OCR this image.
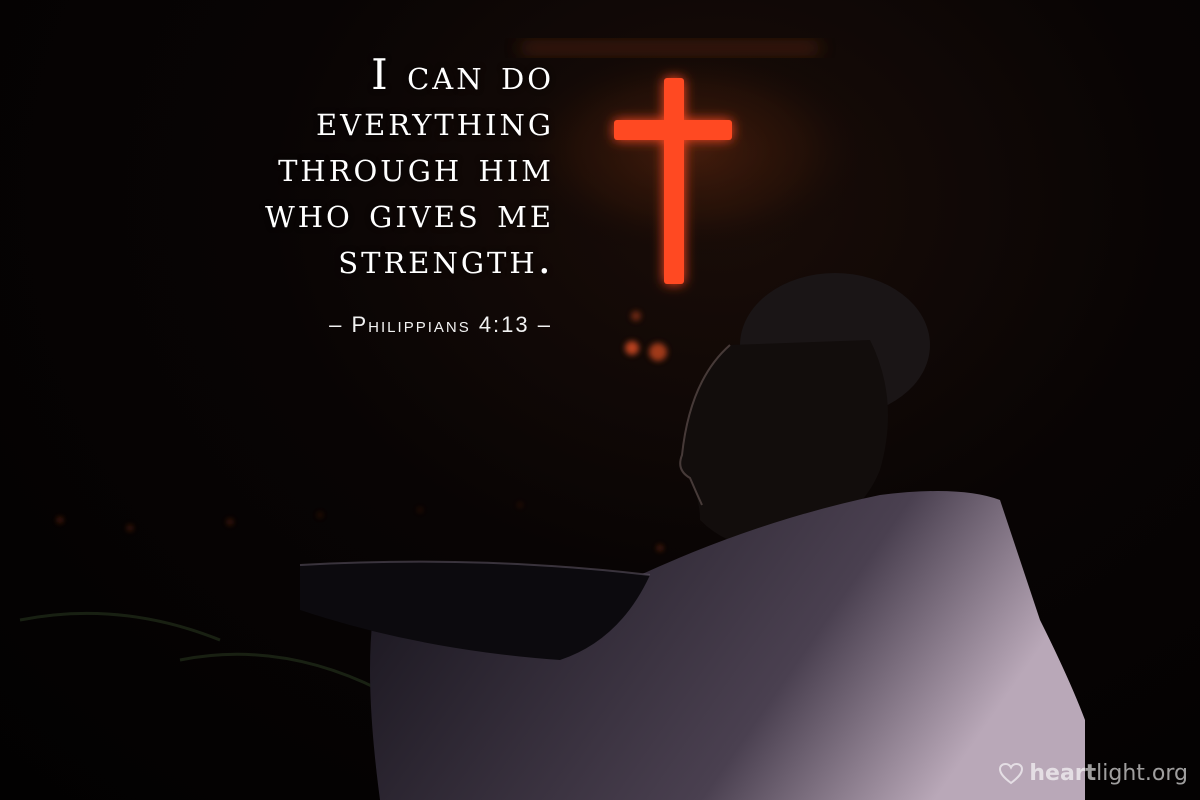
I can do
everything
through him
who gives me
strength.
– Philippians 4:13 –
heartlight.org
